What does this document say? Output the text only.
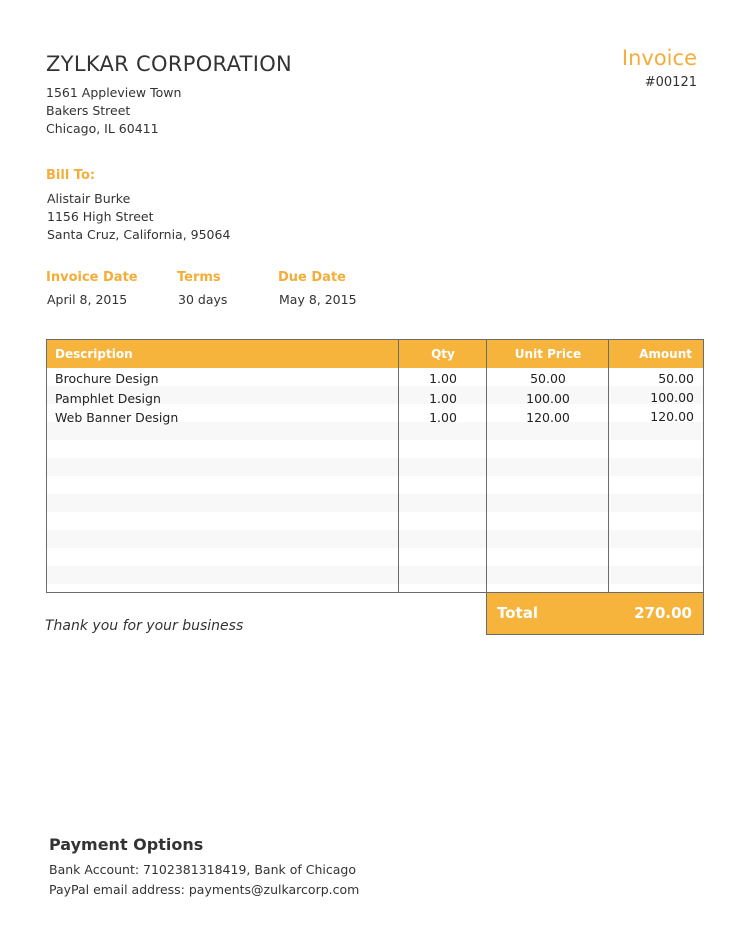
ZYLKAR CORPORATION
1561 Appleview Town
Bakers Street
Chicago, IL 60411
Invoice
#00121
Bill To:
Alistair Burke
1156 High Street
Santa Cruz, California, 95064
Invoice Date
April 8, 2015
Terms
30 days
Due Date
May 8, 2015
Description	Qty	Unit Price	Amount
Brochure Design	1.00	50.00	50.00
Pamphlet Design	1.00	100.00	100.00
Web Banner Design	1.00	120.00	120.00
Thank you for your business
Total	270.00
Payment Options
Bank Account: 7102381318419, Bank of Chicago
PayPal email address: payments@zulkarcorp.com
